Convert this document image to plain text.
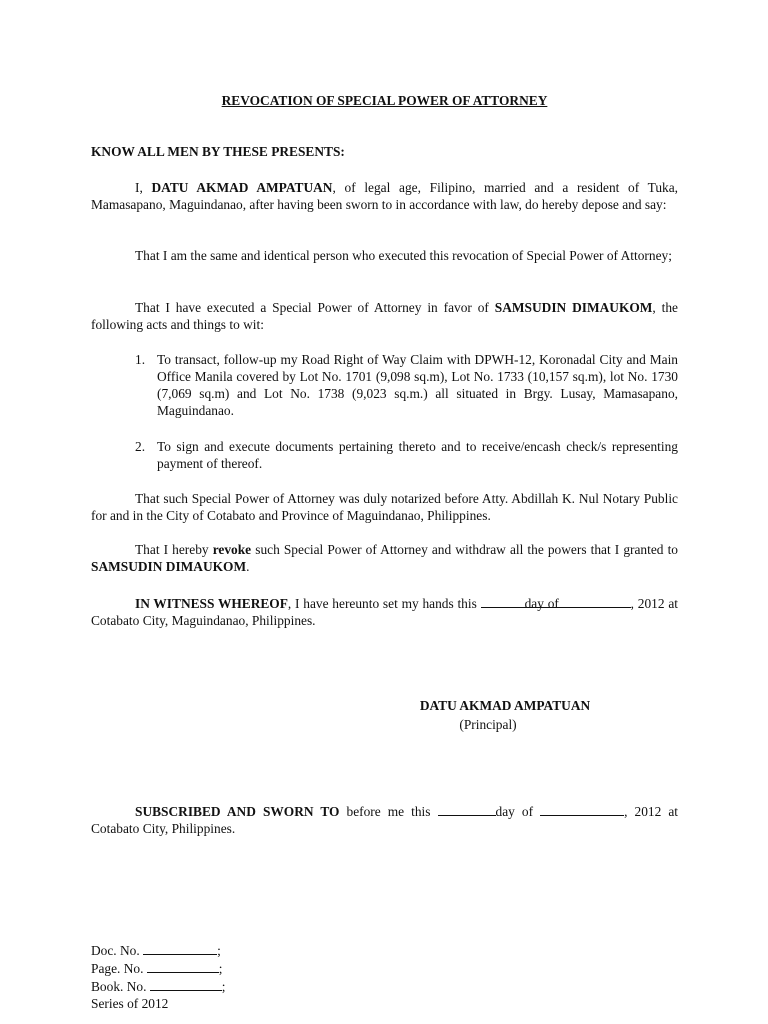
REVOCATION OF SPECIAL POWER OF ATTORNEY
KNOW ALL MEN BY THESE PRESENTS:
I, DATU AKMAD AMPATUAN, of legal age, Filipino, married and a resident of Tuka, Mamasapano, Maguindanao, after having been sworn to in accordance with law, do hereby depose and say:
That I am the same and identical person who executed this revocation of Special Power of Attorney;
That I have executed a Special Power of Attorney in favor of SAMSUDIN DIMAUKOM, the following acts and things to wit:
1. To transact, follow-up my Road Right of Way Claim with DPWH-12, Koronadal City and Main Office Manila covered by Lot No. 1701 (9,098 sq.m), Lot No. 1733 (10,157 sq.m), lot No. 1730 (7,069 sq.m) and Lot No. 1738 (9,023 sq.m.) all situated in Brgy. Lusay, Mamasapano, Maguindanao.
2. To sign and execute documents pertaining thereto and to receive/encash check/s representing payment of thereof.
That such Special Power of Attorney was duly notarized before Atty. Abdillah K. Nul Notary Public for and in the City of Cotabato and Province of Maguindanao, Philippines.
That I hereby revoke such Special Power of Attorney and withdraw all the powers that I granted to SAMSUDIN DIMAUKOM.
IN WITNESS WHEREOF, I have hereunto set my hands this	day of	, 2012 at Cotabato City, Maguindanao, Philippines.
DATU AKMAD AMPATUAN
(Principal)
SUBSCRIBED AND SWORN TO before me this	day of	, 2012 at Cotabato City, Philippines.
Doc. No.	;
Page. No.	;
Book. No.	;
Series of 2012
